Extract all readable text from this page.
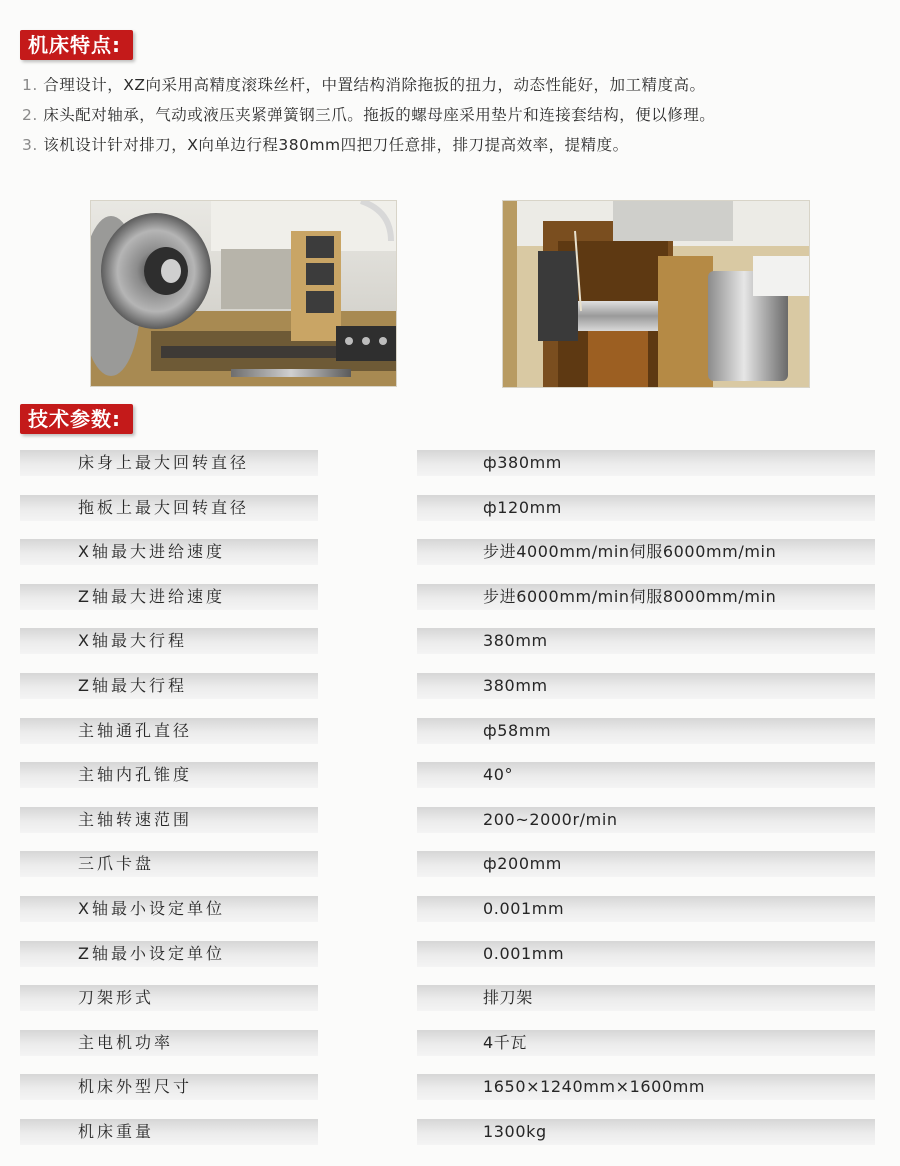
机床特点:
1. 合理设计，XZ向采用高精度滚珠丝杆，中置结构消除拖扳的扭力，动态性能好，加工精度高。
2. 床头配对轴承，气动或液压夹紧弹簧钢三爪。拖扳的螺母座采用垫片和连接套结构，便以修理。
3. 该机设计针对排刀，X向单边行程380mm四把刀任意排，排刀提高效率，提精度。
技术参数:
床身上最大回转直径	ф380mm
拖板上最大回转直径	ф120mm
X轴最大进给速度	步进4000mm/min伺服6000mm/min
Z轴最大进给速度	步进6000mm/min伺服8000mm/min
X轴最大行程	380mm
Z轴最大行程	380mm
主轴通孔直径	ф58mm
主轴内孔锥度	40°
主轴转速范围	200~2000r/min
三爪卡盘	ф200mm
X轴最小设定单位	0.001mm
Z轴最小设定单位	0.001mm
刀架形式	排刀架
主电机功率	4千瓦
机床外型尺寸	1650×1240mm×1600mm
机床重量	1300kg
